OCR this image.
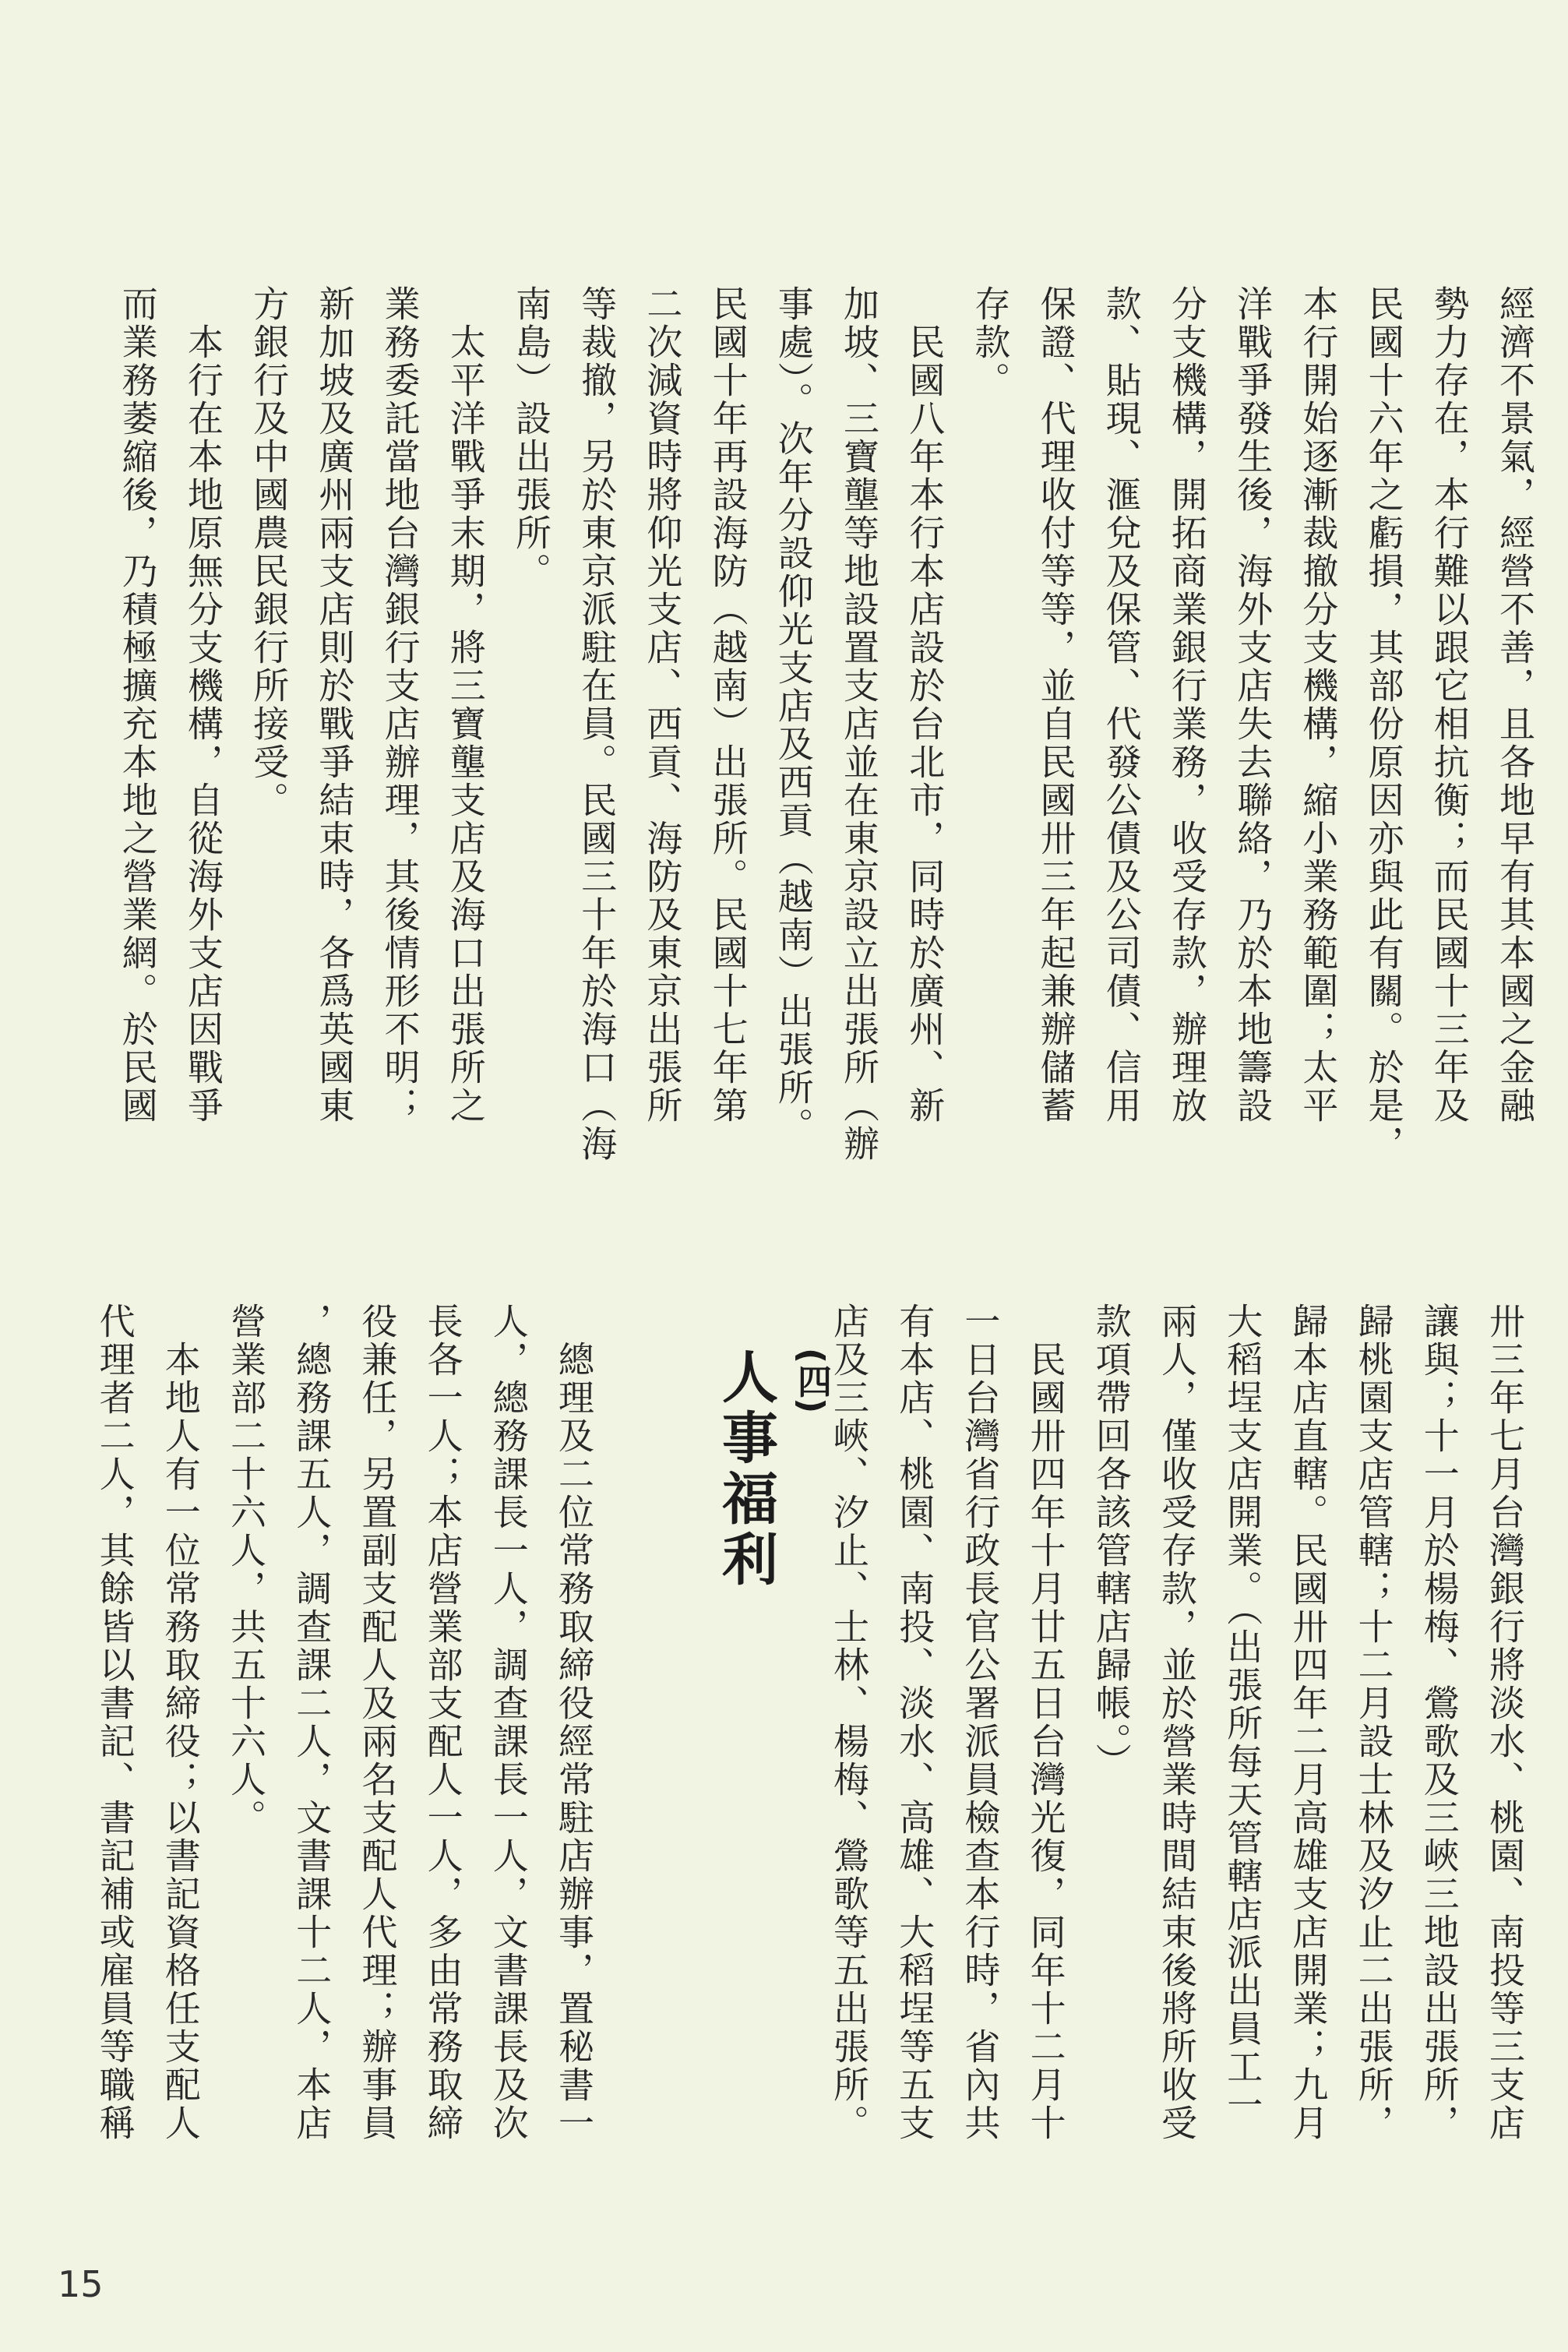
經濟不景氣，經營不善，且各地早有其本國之金融
勢力存在，本行難以跟它相抗衡；而民國十三年及
民國十六年之虧損，其部份原因亦與此有關。於是，
本行開始逐漸裁撤分支機構，縮小業務範圍；太平
洋戰爭發生後，海外支店失去聯絡，乃於本地籌設
分支機構，開拓商業銀行業務，收受存款，辦理放
款、貼現、滙兌及保管、代發公債及公司債、信用
保證、代理收付等等，並自民國卅三年起兼辦儲蓄
存款。
民國八年本行本店設於台北市，同時於廣州、新
加坡、三寶壟等地設置支店並在東京設立出張所（辦
事處）。次年分設仰光支店及西貢（越南）出張所。
民國十年再設海防（越南）出張所。民國十七年第
二次減資時將仰光支店、西貢、海防及東京出張所
等裁撤，另於東京派駐在員。民國三十年於海口（海
南島）設出張所。
太平洋戰爭末期，將三寶壟支店及海口出張所之
業務委託當地台灣銀行支店辦理，其後情形不明；
新加坡及廣州兩支店則於戰爭結束時，各爲英國東
方銀行及中國農民銀行所接受。
本行在本地原無分支機構，自從海外支店因戰爭
而業務萎縮後，乃積極擴充本地之營業網。於民國
卅三年七月台灣銀行將淡水、桃園、南投等三支店
讓與；十一月於楊梅、鶯歌及三峽三地設出張所，
歸桃園支店管轄；十二月設士林及汐止二出張所，
歸本店直轄。民國卅四年二月高雄支店開業；九月
大稻埕支店開業。（出張所每天管轄店派出員工一
兩人，僅收受存款，並於營業時間結束後將所收受
款項帶回各該管轄店歸帳。）
民國卅四年十月廿五日台灣光復，同年十二月十
一日台灣省行政長官公署派員檢查本行時，省內共
有本店、桃園、南投、淡水、高雄、大稻埕等五支
店及三峽、汐止、士林、楊梅、鶯歌等五出張所。
(四)
人事福利
總理及二位常務取締役經常駐店辦事，置秘書一
人，總務課長一人，調查課長一人，文書課長及次
長各一人；本店營業部支配人一人，多由常務取締
役兼任，另置副支配人及兩名支配人代理；辦事員
，總務課五人，調查課二人，文書課十二人，本店
營業部二十六人，共五十六人。
本地人有一位常務取締役；以書記資格任支配人
代理者二人，其餘皆以書記、書記補或雇員等職稱
15
